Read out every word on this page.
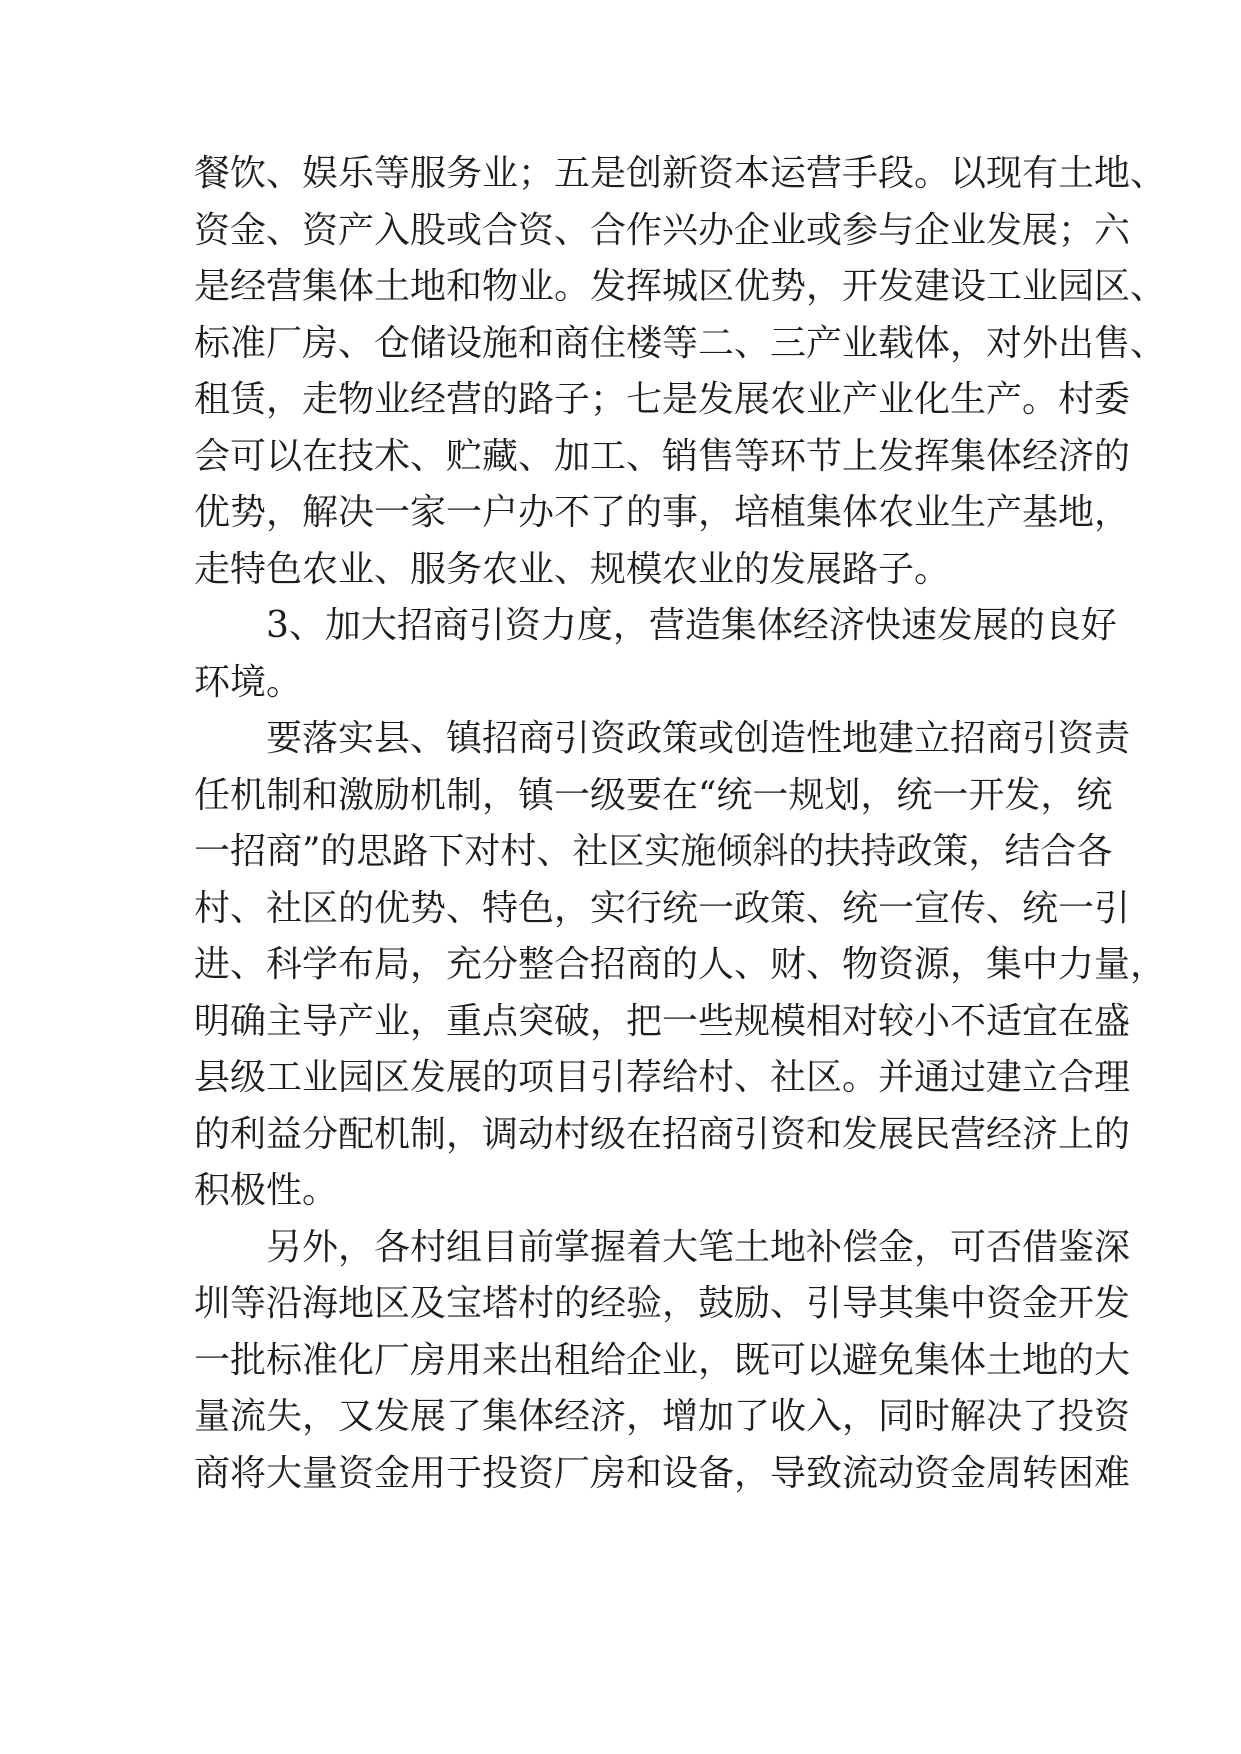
餐饮、娱乐等服务业；五是创新资本运营手段。以现有土地、
资金、资产入股或合资、合作兴办企业或参与企业发展；六
是经营集体土地和物业。发挥城区优势，开发建设工业园区、
标准厂房、仓储设施和商住楼等二、三产业载体，对外出售、
租赁，走物业经营的路子；七是发展农业产业化生产。村委
会可以在技术、贮藏、加工、销售等环节上发挥集体经济的
优势，解决一家一户办不了的事，培植集体农业生产基地，
走特色农业、服务农业、规模农业的发展路子。
3、加大招商引资力度，营造集体经济快速发展的良好
环境。
要落实县、镇招商引资政策或创造性地建立招商引资责
任机制和激励机制，镇一级要在“统一规划，统一开发，统
一招商”的思路下对村、社区实施倾斜的扶持政策，结合各
村、社区的优势、特色，实行统一政策、统一宣传、统一引
进、科学布局，充分整合招商的人、财、物资源，集中力量，
明确主导产业，重点突破，把一些规模相对较小不适宜在盛
县级工业园区发展的项目引荐给村、社区。并通过建立合理
的利益分配机制，调动村级在招商引资和发展民营经济上的
积极性。
另外，各村组目前掌握着大笔土地补偿金，可否借鉴深
圳等沿海地区及宝塔村的经验，鼓励、引导其集中资金开发
一批标准化厂房用来出租给企业，既可以避免集体土地的大
量流失，又发展了集体经济，增加了收入，同时解决了投资
商将大量资金用于投资厂房和设备，导致流动资金周转困难
